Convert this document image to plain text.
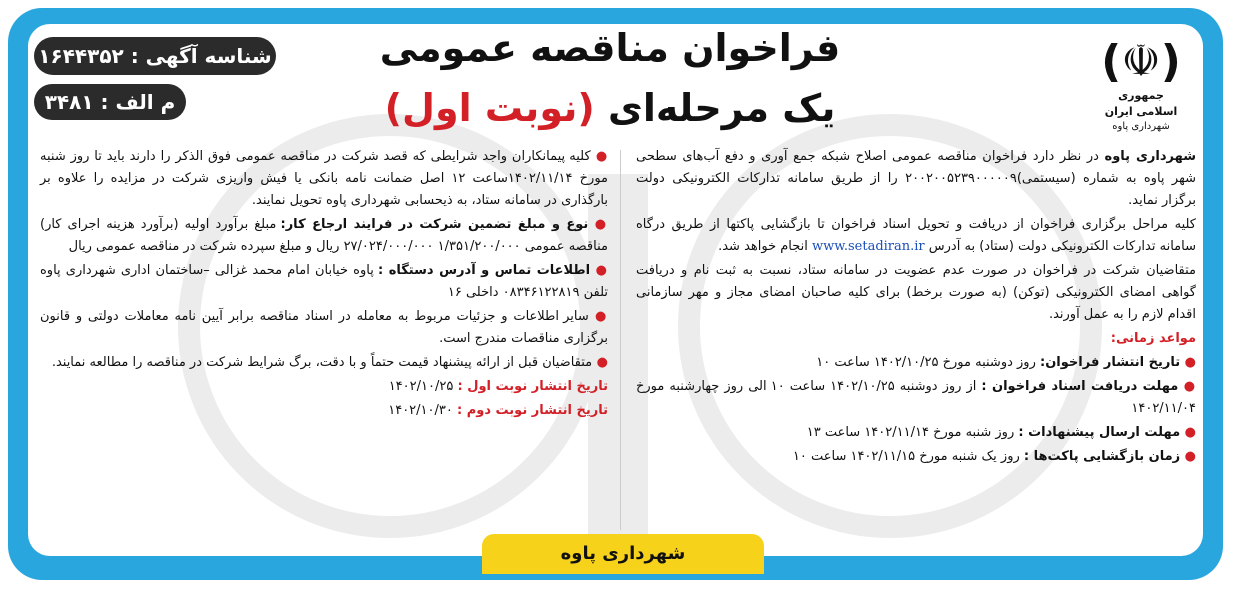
شناسه آگهی : ۱۶۴۴۳۵۲
م الف : ۳۴۸۱
فراخوان مناقصه عمومی
یک مرحله‌ای (نوبت اول)
(☫)
جمهوری اسلامی ایران
شهرداری پاوه

شهرداری پاوه در نظر دارد فراخوان مناقصه عمومی اصلاح شبکه جمع آوری و دفع آب‌های سطحی شهر پاوه به شماره (سیستمی)۲۰۰۲۰۰۵۲۳۹۰۰۰۰۰۹ را از طریق سامانه تدارکات الکترونیکی دولت برگزار نماید.

کلیه مراحل برگزاری فراخوان از دریافت و تحویل اسناد فراخوان تا بازگشایی پاکتها از طریق درگاه سامانه تدارکات الکترونیکی دولت (ستاد) به آدرس www.setadiran.ir انجام خواهد شد.

متقاضیان شرکت در فراخوان در صورت عدم عضویت در سامانه ستاد، نسبت به ثبت نام و دریافت گواهی امضای الکترونیکی (توکن) (به صورت برخط) برای کلیه صاحبان امضای مجاز و مهر سازمانی اقدام لازم را به عمل آورند.

مواعد زمانی:

● تاریخ انتشار فراخوان: روز دوشنبه مورخ ۱۴۰۲/۱۰/۲۵ ساعت ۱۰

● مهلت دریافت اسناد فراخوان : از روز دوشنبه ۱۴۰۲/۱۰/۲۵ ساعت ۱۰ الی روز چهارشنبه مورخ ۱۴۰۲/۱۱/۰۴

● مهلت ارسال پیشنهادات : روز شنبه مورخ ۱۴۰۲/۱۱/۱۴ ساعت ۱۳

● زمان بازگشایی پاکت‌ها : روز یک شنبه مورخ ۱۴۰۲/۱۱/۱۵ ساعت ۱۰

● کلیه پیمانکاران واجد شرایطی که قصد شرکت در مناقصه عمومی فوق الذکر را دارند باید تا روز شنبه مورخ ۱۴۰۲/۱۱/۱۴ساعت ۱۲ اصل ضمانت نامه بانکی یا فیش واریزی شرکت در مزایده را علاوه بر بارگذاری در سامانه ستاد، به ذیحسابی شهرداری پاوه تحویل نمایند.

● نوع و مبلغ تضمین شرکت در فرایند ارجاع کار: مبلغ برآورد اولیه (برآورد هزینه اجرای کار) مناقصه عمومی ۱/۳۵۱/۲۰۰/۰۰۰ ۲۷/۰۲۴/۰۰۰/۰۰۰ ریال و مبلغ سپرده شرکت در مناقصه عمومی ریال

● اطلاعات تماس و آدرس دستگاه : پاوه خیابان امام محمد غزالی –ساختمان اداری شهرداری پاوه تلفن ۰۸۳۴۶۱۲۲۸۱۹ داخلی ۱۶

● سایر اطلاعات و جزئیات مربوط به معامله در اسناد مناقصه برابر آیین نامه معاملات دولتی و قانون برگزاری مناقصات مندرج است.

● متقاضیان قبل از ارائه پیشنهاد قیمت حتماً و با دقت، برگ شرایط شرکت در مناقصه را مطالعه نمایند.

تاریخ انتشار نوبت اول : ۱۴۰۲/۱۰/۲۵

تاریخ انتشار نوبت دوم : ۱۴۰۲/۱۰/۳۰

شهرداری پاوه
